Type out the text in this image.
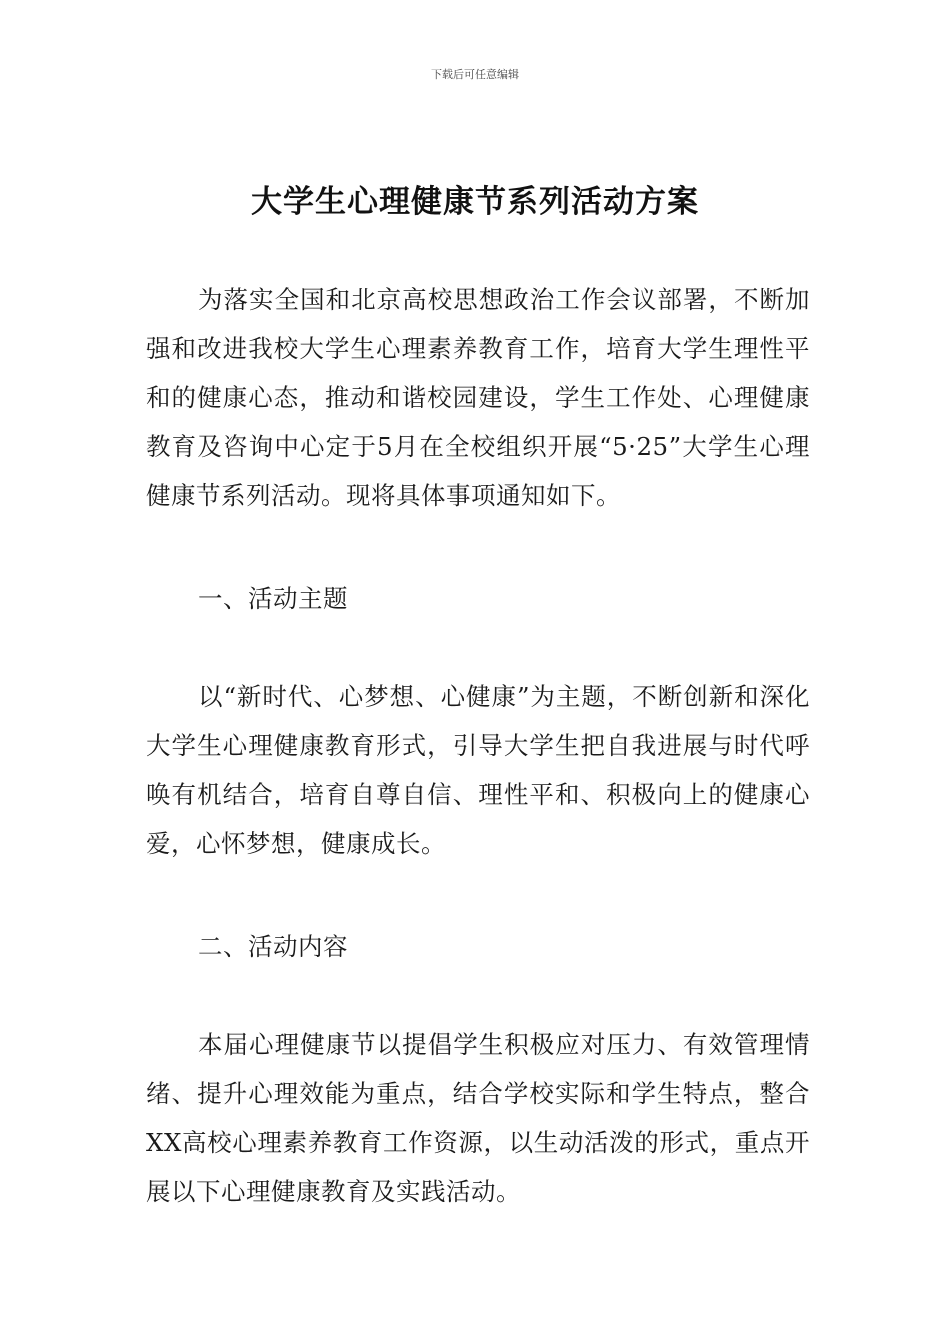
下载后可任意编辑
大学生心理健康节系列活动方案
为落实全国和北京高校思想政治工作会议部署，不断加强和改进我校大学生心理素养教育工作，培育大学生理性平和的健康心态，推动和谐校园建设，学生工作处、心理健康教育及咨询中心定于5月在全校组织开展“5·25”大学生心理健康节系列活动。现将具体事项通知如下。
一、活动主题
以“新时代、心梦想、心健康”为主题，不断创新和深化大学生心理健康教育形式，引导大学生把自我进展与时代呼唤有机结合，培育自尊自信、理性平和、积极向上的健康心爱，心怀梦想，健康成长。
二、活动内容
本届心理健康节以提倡学生积极应对压力、有效管理情绪、提升心理效能为重点，结合学校实际和学生特点，整合XX高校心理素养教育工作资源，以生动活泼的形式，重点开展以下心理健康教育及实践活动。
